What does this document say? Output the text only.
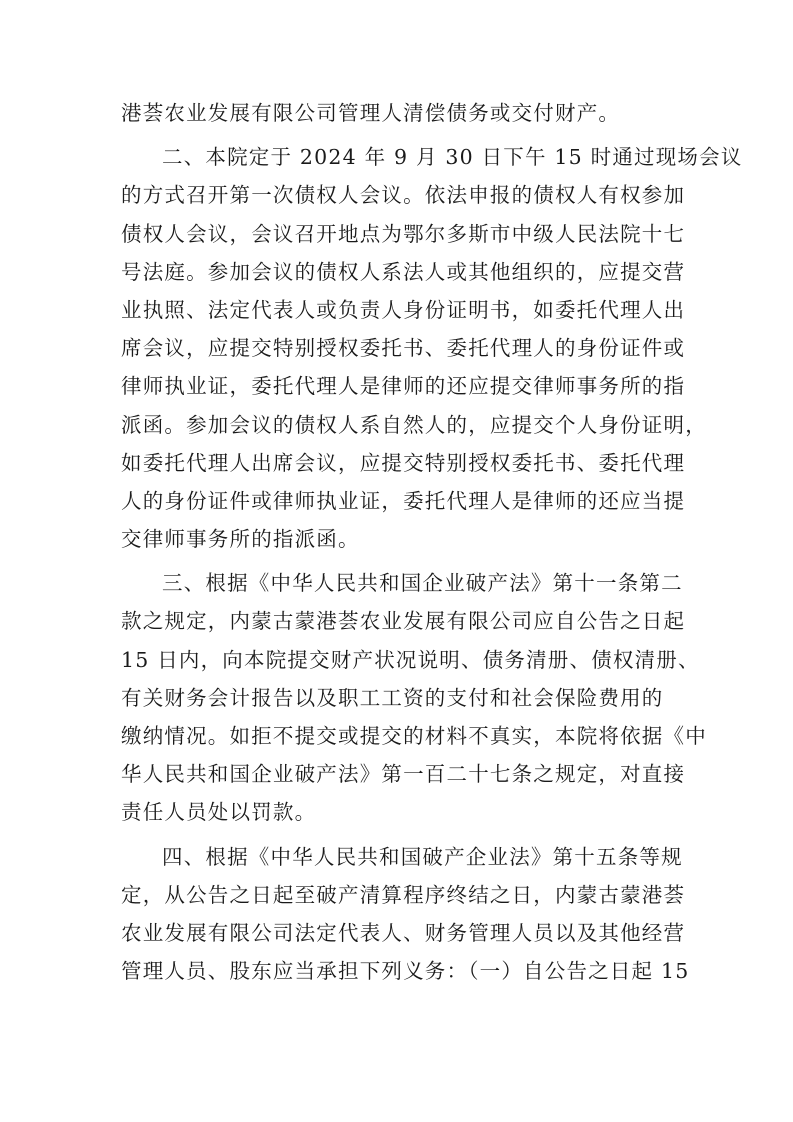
港荟农业发展有限公司管理人清偿债务或交付财产。
二、本院定于 2024 年 9 月 30 日下午 15 时通过现场会议
的方式召开第一次债权人会议。依法申报的债权人有权参加
债权人会议，会议召开地点为鄂尔多斯市中级人民法院十七
号法庭。参加会议的债权人系法人或其他组织的，应提交营
业执照、法定代表人或负责人身份证明书，如委托代理人出
席会议，应提交特别授权委托书、委托代理人的身份证件或
律师执业证，委托代理人是律师的还应提交律师事务所的指
派函。参加会议的债权人系自然人的，应提交个人身份证明，
如委托代理人出席会议，应提交特别授权委托书、委托代理
人的身份证件或律师执业证，委托代理人是律师的还应当提
交律师事务所的指派函。
三、根据《中华人民共和国企业破产法》第十一条第二
款之规定，内蒙古蒙港荟农业发展有限公司应自公告之日起
15 日内，向本院提交财产状况说明、债务清册、债权清册、
有关财务会计报告以及职工工资的支付和社会保险费用的
缴纳情况。如拒不提交或提交的材料不真实，本院将依据《中
华人民共和国企业破产法》第一百二十七条之规定，对直接
责任人员处以罚款。
四、根据《中华人民共和国破产企业法》第十五条等规
定，从公告之日起至破产清算程序终结之日，内蒙古蒙港荟
农业发展有限公司法定代表人、财务管理人员以及其他经营
管理人员、股东应当承担下列义务：（一）自公告之日起 15
